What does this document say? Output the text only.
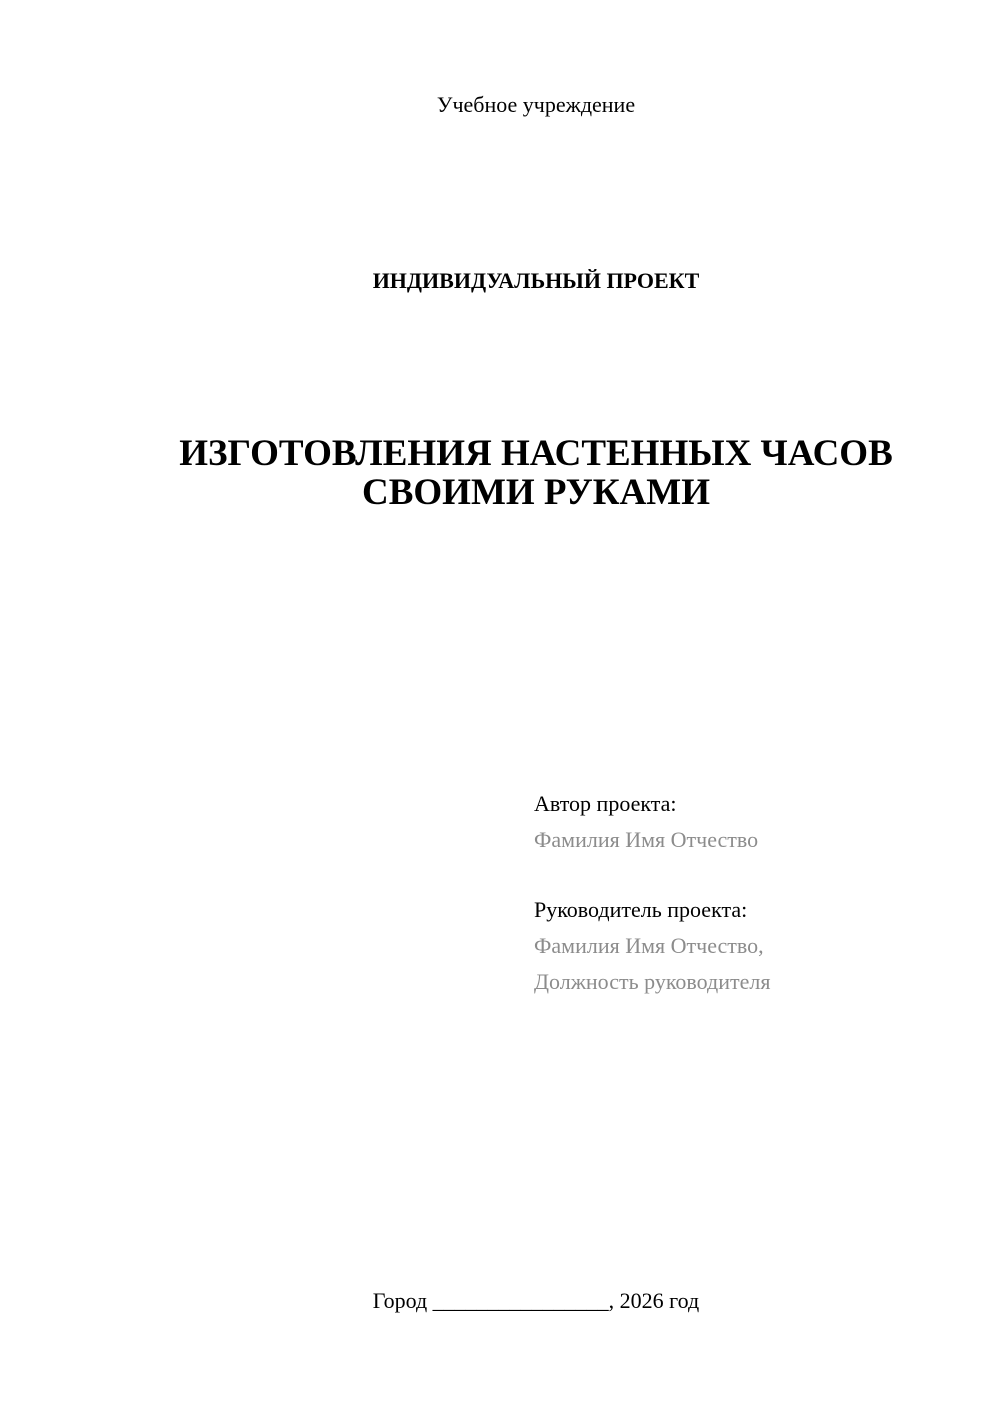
Учебное учреждение
ИНДИВИДУАЛЬНЫЙ ПРОЕКТ
ИЗГОТОВЛЕНИЯ НАСТЕННЫХ ЧАСОВ
СВОИМИ РУКАМИ
Автор проекта:
Фамилия Имя Отчество
Руководитель проекта:
Фамилия Имя Отчество,
Должность руководителя
Город ________________, 2026 год
